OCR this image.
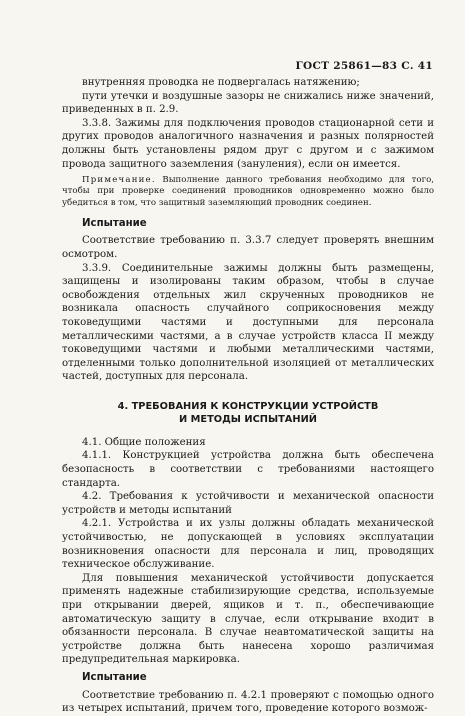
ГОСТ 25861—83 С. 41

внутренняя проводка не подвергалась натяжению;

пути утечки и воздушные зазоры не снижались ниже значений, приведенных в п. 2.9.

3.3.8. Зажимы для подключения проводов стационарной сети и других проводов аналогичного назначения и разных полярностей должны быть установлены рядом друг с другом и с зажимом провода защитного заземления (зануления), если он имеется.

Примечание. Выполнение данного требования необходимо для того, чтобы при проверке соединений проводников одновременно можно было убедиться в том, что защитный заземляющий проводник соединен.

Испытание

Соответствие требованию п. 3.3.7 следует проверять внешним осмотром.

3.3.9. Соединительные зажимы должны быть размещены, защищены и изолированы таким образом, чтобы в случае освобождения отдельных жил скрученных проводников не возникала опасность случайного соприкосновения между токоведущими частями и доступными для персонала металлическими частями, а в случае устройств класса II между токоведущими частями и любыми металлическими частями, отделенными только дополнительной изоляцией от металлических частей, доступных для персонала.

4. ТРЕБОВАНИЯ К КОНСТРУКЦИИ УСТРОЙСТВ
И МЕТОДЫ ИСПЫТАНИЙ

4.1. Общие положения

4.1.1. Конструкцией устройства должна быть обеспечена безопасность в соответствии с требованиями настоящего стандарта.

4.2. Требования к устойчивости и механической опасности устройств и методы испытаний

4.2.1. Устройства и их узлы должны обладать механической устойчивостью, не допускающей в условиях эксплуатации возникновения опасности для персонала и лиц, проводящих техническое обслуживание.

Для повышения механической устойчивости допускается применять надежные стабилизирующие средства, используемые при открывании дверей, ящиков и т. п., обеспечивающие автоматическую защиту в случае, если открывание входит в обязанности персонала. В случае неавтоматической защиты на устройстве должна быть нанесена хорошо различимая предупредительная маркировка.

Испытание

Соответствие требованию п. 4.2.1 проверяют с помощью одного из четырех испытаний, причем того, проведение которого возмож-
